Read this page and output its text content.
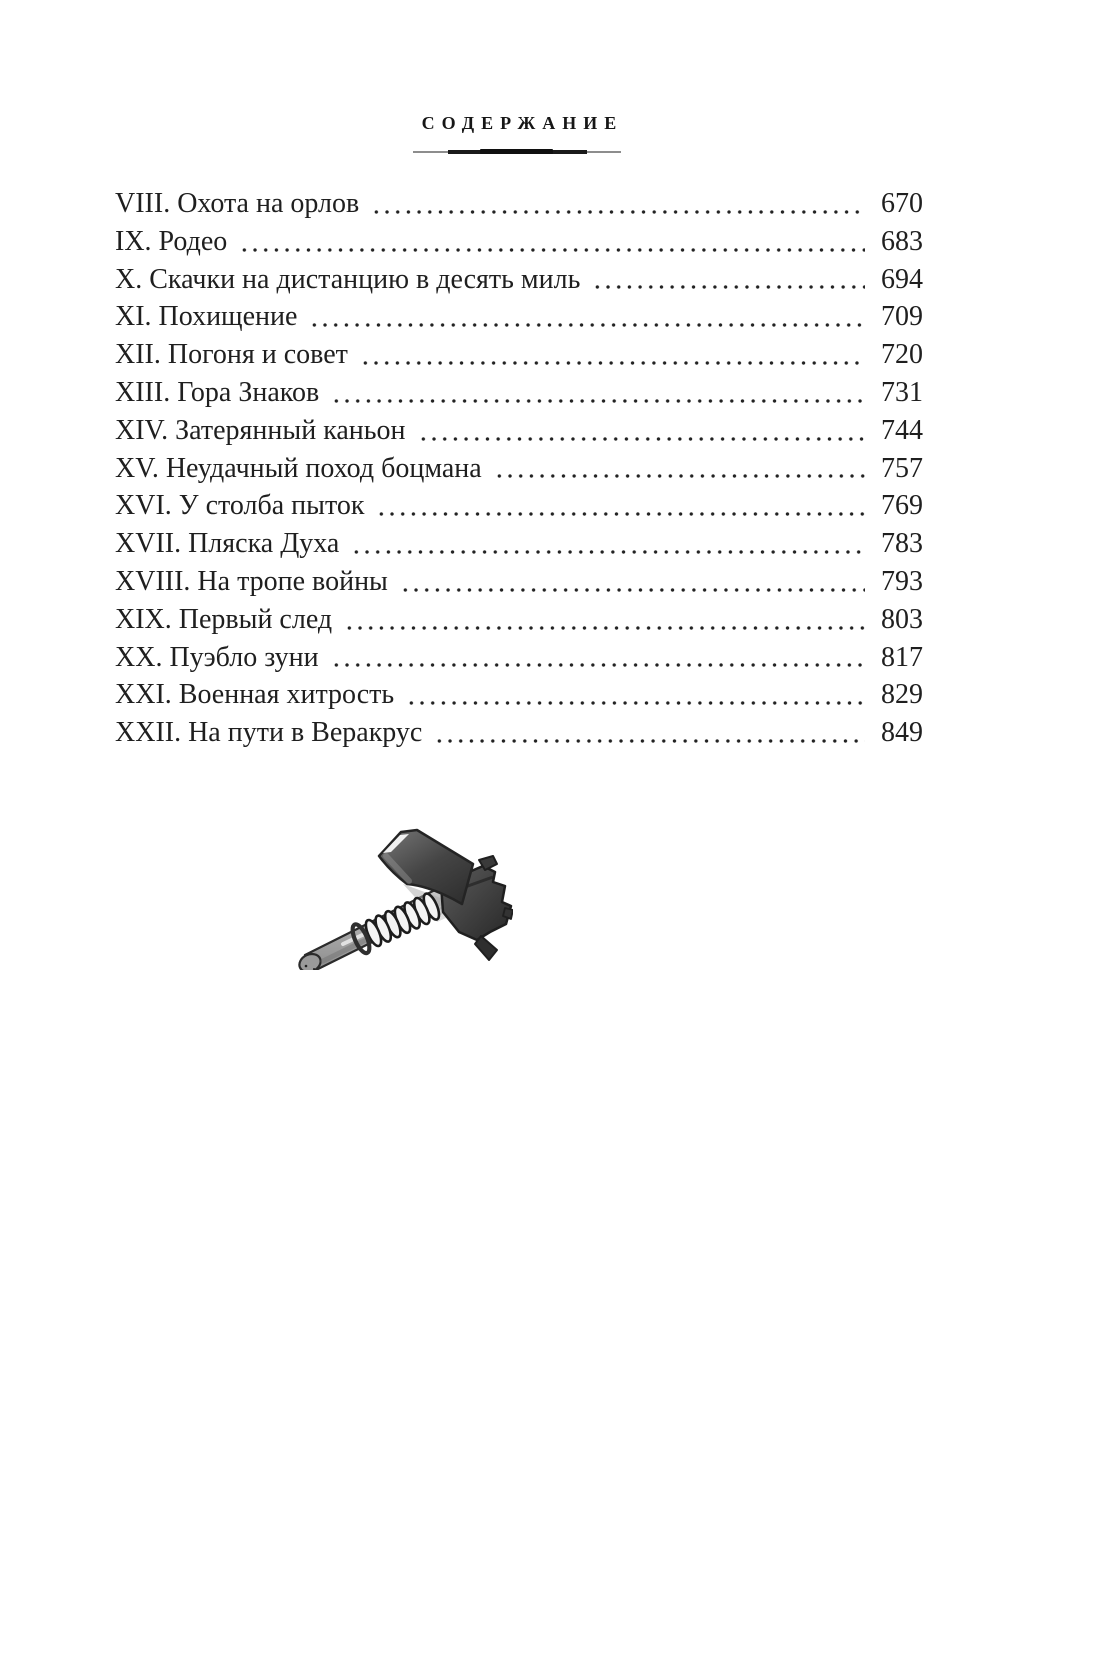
СОДЕРЖАНИЕ
VIII. Охота на орлов	670
IX. Родео	683
X. Скачки на дистанцию в десять миль	694
XI. Похищение	709
XII. Погоня и совет	720
XIII. Гора Знаков	731
XIV. Затерянный каньон	744
XV. Неудачный поход боцмана	757
XVI. У столба пыток	769
XVII. Пляска Духа	783
XVIII. На тропе войны	793
XIX. Первый след	803
XX. Пуэбло зуни	817
XXI. Военная хитрость	829
XXII. На пути в Веракрус	849
